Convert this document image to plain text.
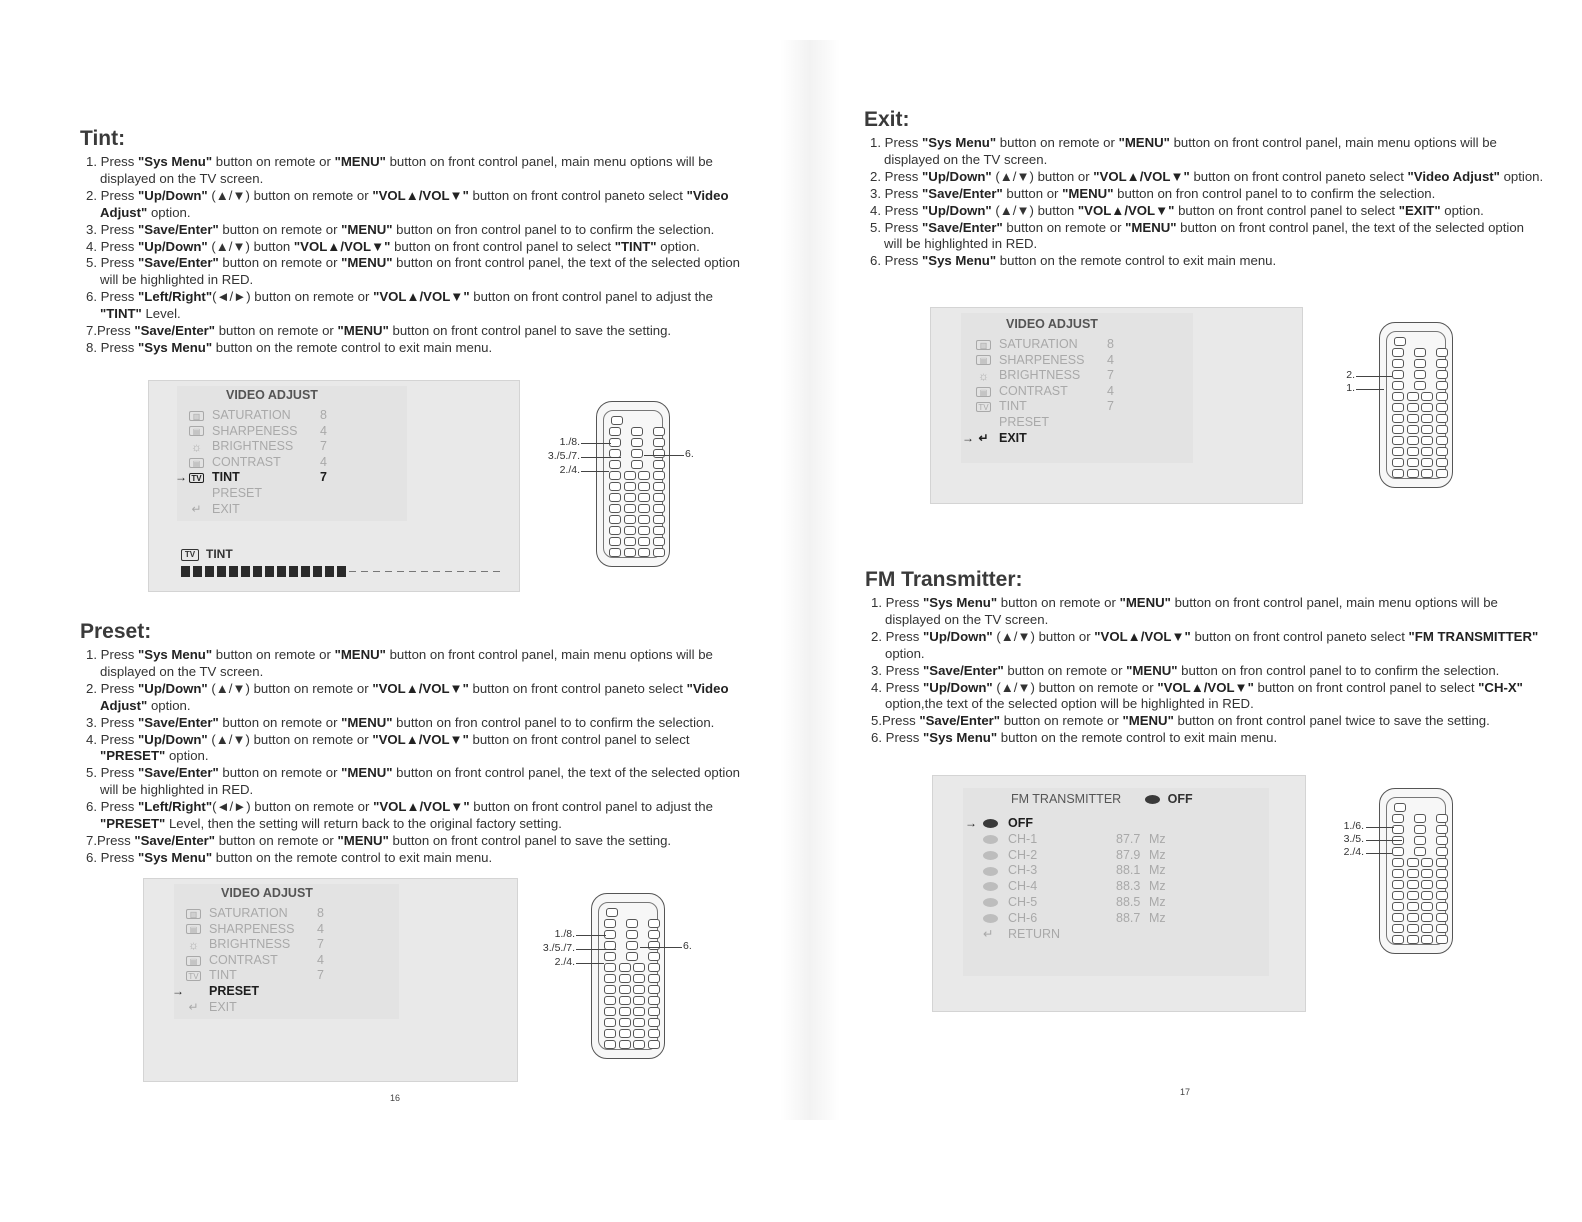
Tint:
1. Press "Sys Menu" button on remote or "MENU" button on front control panel, main menu options will be displayed on the TV screen.
2. Press "Up/Down" (▲/▼) button on remote or "VOL▲/VOL▼" button on front control paneto select "Video Adjust" option.
3. Press "Save/Enter" button on remote or "MENU" button on fron control panel to to confirm the selection.
4. Press "Up/Down" (▲/▼) button "VOL▲/VOL▼" button on front control panel to select "TINT" option.
5. Press "Save/Enter" button on remote or "MENU" button on front control panel, the text of the selected option will be highlighted in RED.
6. Press "Left/Right"(◄/►) button on remote or "VOL▲/VOL▼" button on front control panel to adjust the "TINT" Level.
7.Press "Save/Enter" button on remote or "MENU" button on front control panel to save the setting.
8. Press "Sys Menu" button on the remote control to exit main menu.
VIDEO ADJUST
TV TINT
▥ SATURATION 8
▤ SHARPENESS 4
☼ BRIGHTNESS 7
▤ CONTRAST	4
TV TINT	7
→
PRESET
↵ EXIT
1./8.
3./5./7.
2./4.
6.
Preset:
1. Press "Sys Menu" button on remote or "MENU" button on front control panel, main menu options will be displayed on the TV screen.
2. Press "Up/Down" (▲/▼) button on remote or "VOL▲/VOL▼" button on front control paneto select "Video Adjust" option.
3. Press "Save/Enter" button on remote or "MENU" button on fron control panel to to confirm the selection.
4. Press "Up/Down" (▲/▼) button on remote or "VOL▲/VOL▼" button on front control panel to select "PRESET" option.
5. Press "Save/Enter" button on remote or "MENU" button on front control panel, the text of the selected option will be highlighted in RED.
6. Press "Left/Right"(◄/►) button on remote or "VOL▲/VOL▼" button on front control panel to adjust the "PRESET" Level, then the setting will return back to the original factory setting.
7.Press "Save/Enter" button on remote or "MENU" button on front control panel to save the setting.
6. Press "Sys Menu" button on the remote control to exit main menu.
VIDEO ADJUST
▥ SATURATION 8
▤ SHARPENESS 4
☼ BRIGHTNESS 7
▤ CONTRAST	4
TV TINT	7
PRESET
→
↵ EXIT
1./8.
3./5./7.
2./4.
6.
16
Exit:
1. Press "Sys Menu" button on remote or "MENU" button on front control panel, main menu options will be displayed on the TV screen.
2. Press "Up/Down" (▲/▼) button or "VOL▲/VOL▼" button on front control paneto select "Video Adjust" option.
3. Press "Save/Enter" button or "MENU" button on fron control panel to to confirm the selection.
4. Press "Up/Down" (▲/▼) button "VOL▲/VOL▼" button on front control panel to select "EXIT" option.
5. Press "Save/Enter" button on remote or "MENU" button on front control panel, the text of the selected option will be highlighted in RED.
6. Press "Sys Menu" button on the remote control to exit main menu.
VIDEO ADJUST
▥ SATURATION 8
▤ SHARPENESS 4
☼ BRIGHTNESS 7
▤ CONTRAST	4
TV TINT	7
PRESET
↵ EXIT
→
2.
1.
FM Transmitter:
1. Press "Sys Menu" button on remote or "MENU" button on front control panel, main menu options will be displayed on the TV screen.
2. Press "Up/Down" (▲/▼) button or "VOL▲/VOL▼" button on front control paneto select "FM TRANSMITTER" option.
3. Press "Save/Enter" button on remote or "MENU" button on fron control panel to to confirm the selection.
4. Press "Up/Down" (▲/▼) button on remote or "VOL▲/VOL▼" button on front control panel to select "CH-X" option,the text of the selected option will be highlighted in RED.
5.Press "Save/Enter" button on remote or "MENU" button on front control panel twice to save the setting.
6. Press "Sys Menu" button on the remote control to exit main menu.
FM TRANSMITTER	OFF
OFF
→
CH-1	87.7 Mz
CH-2	87.9 Mz
CH-3	88.1 Mz
CH-4	88.3 Mz
CH-5	88.5 Mz
CH-6	88.7 Mz
↵ RETURN
1./6.
3./5.
2./4.
17
